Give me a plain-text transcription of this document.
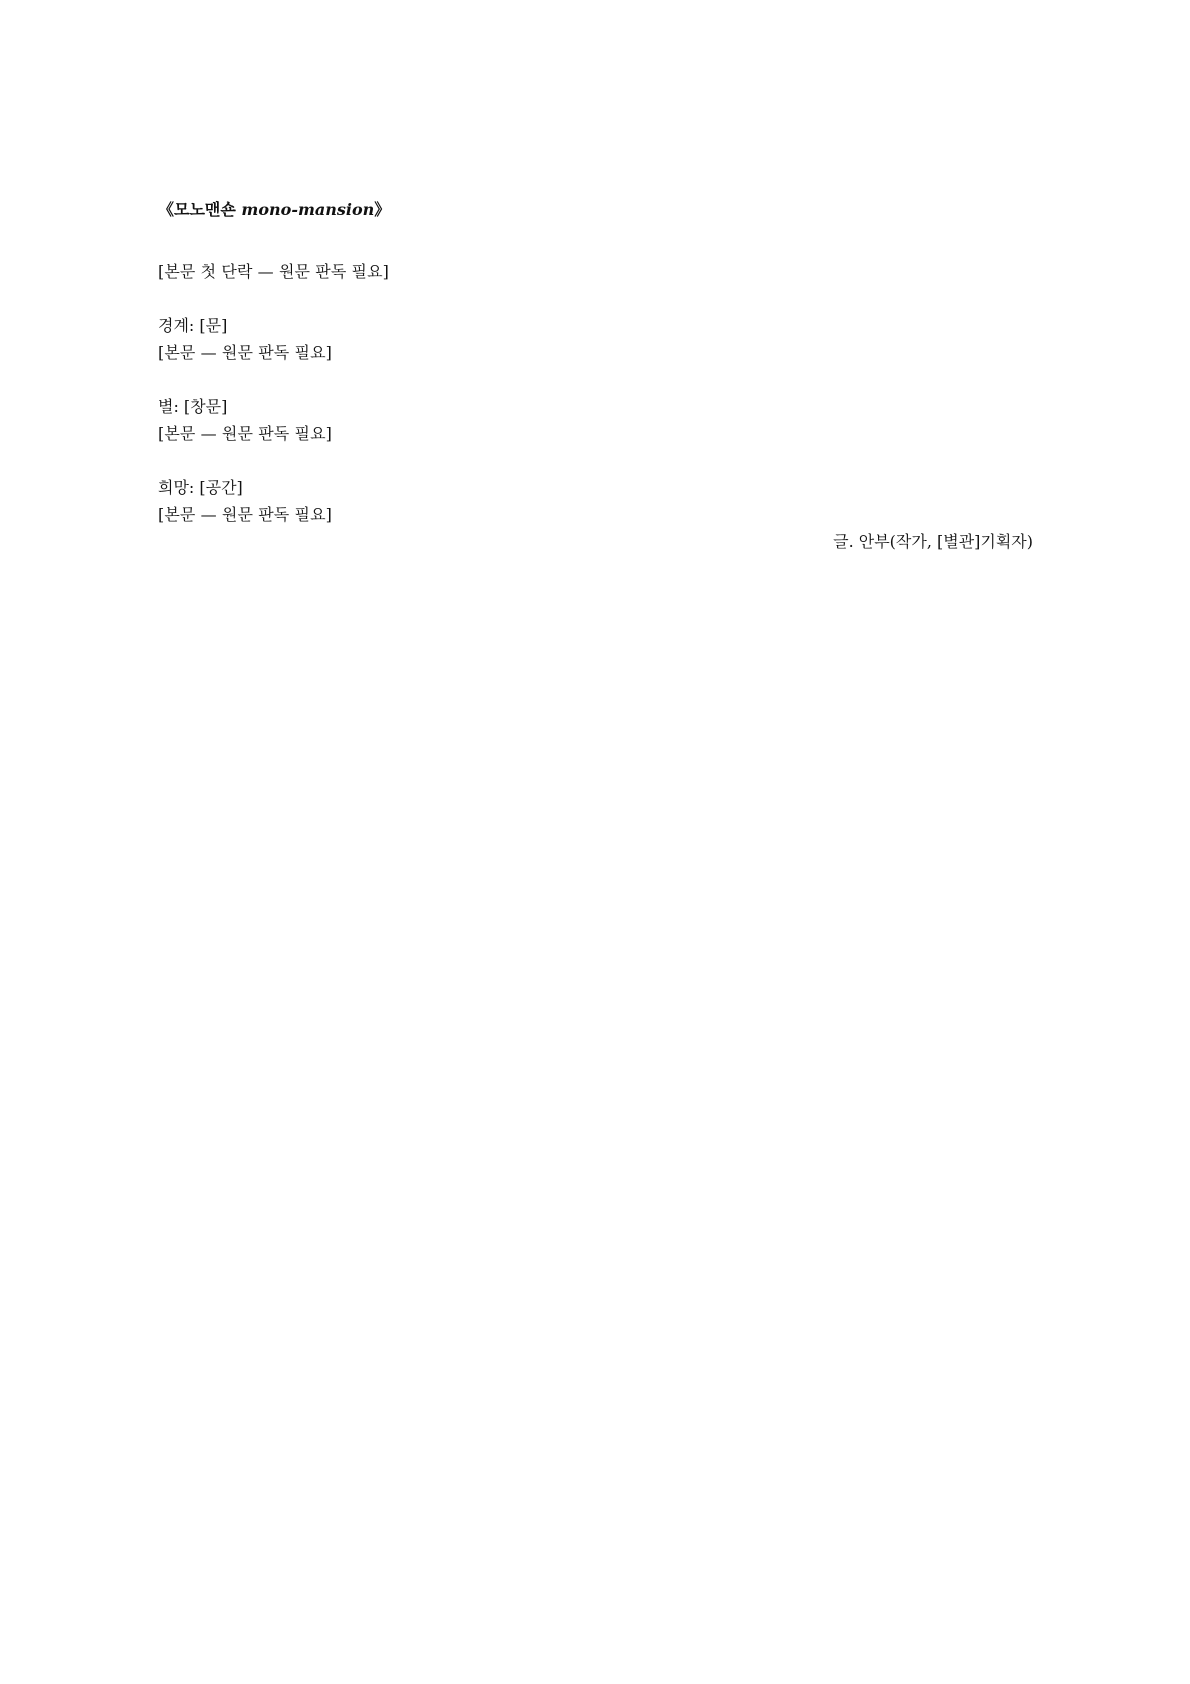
《모노맨숀 mono-mansion》

[본문 첫 단락 — 원문 판독 필요]

경계: [문]

[본문 — 원문 판독 필요]

별: [창문]

[본문 — 원문 판독 필요]

희망: [공간]

[본문 — 원문 판독 필요]

글. 안부(작가, [별관]기획자)
